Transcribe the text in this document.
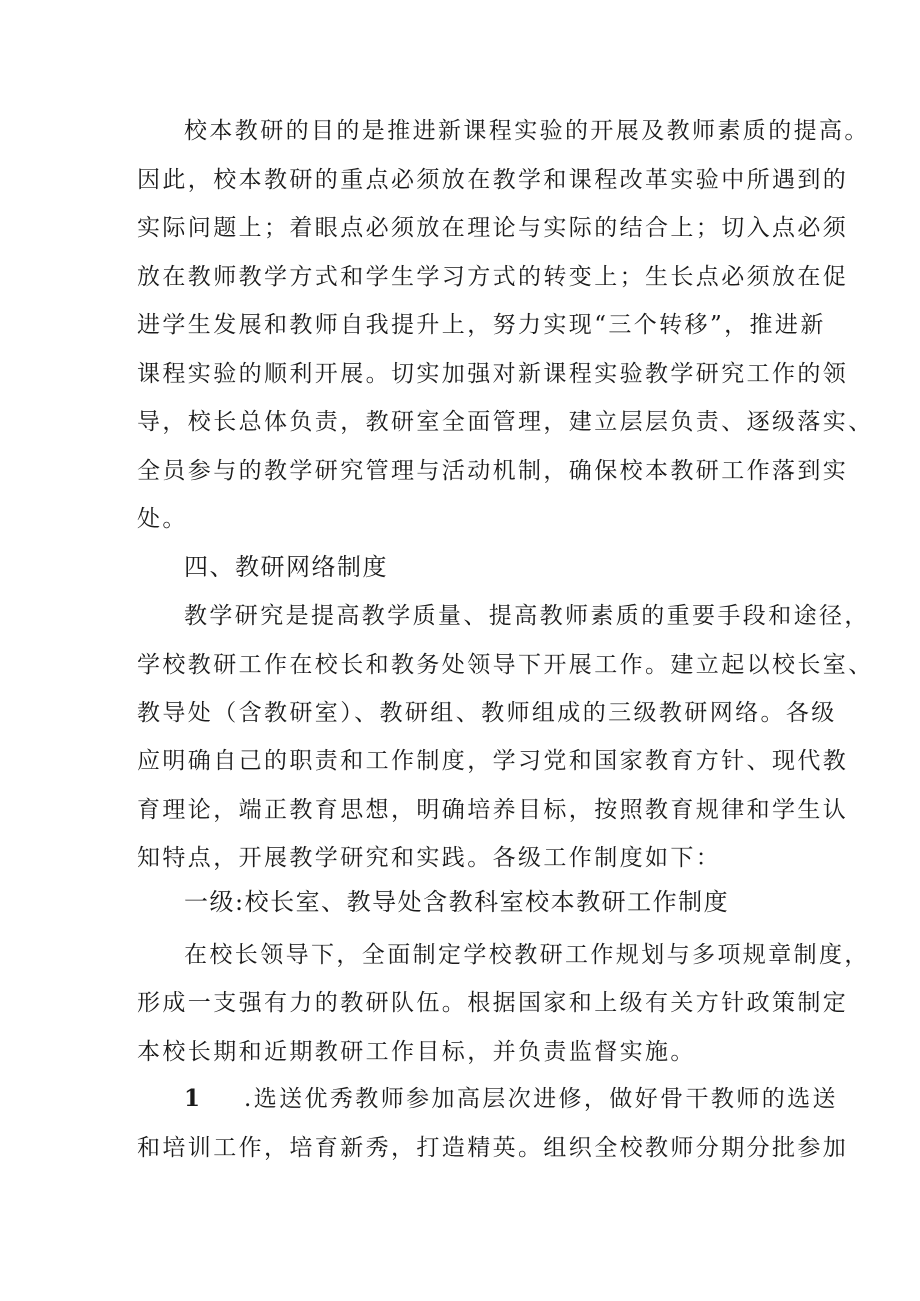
校本教研的目的是推进新课程实验的开展及教师素质的提高。
因此，校本教研的重点必须放在教学和课程改革实验中所遇到的
实际问题上；着眼点必须放在理论与实际的结合上；切入点必须
放在教师教学方式和学生学习方式的转变上；生长点必须放在促
进学生发展和教师自我提升上，努力实现“三个转移”，推进新
课程实验的顺利开展。切实加强对新课程实验教学研究工作的领
导，校长总体负责，教研室全面管理，建立层层负责、逐级落实、
全员参与的教学研究管理与活动机制，确保校本教研工作落到实
处。
四、教研网络制度
教学研究是提高教学质量、提高教师素质的重要手段和途径，
学校教研工作在校长和教务处领导下开展工作。建立起以校长室、
教导处（含教研室）、教研组、教师组成的三级教研网络。各级
应明确自己的职责和工作制度，学习党和国家教育方针、现代教
育理论，端正教育思想，明确培养目标，按照教育规律和学生认
知特点，开展教学研究和实践。各级工作制度如下：
一级:校长室、教导处含教科室校本教研工作制度
在校长领导下，全面制定学校教研工作规划与多项规章制度，
形成一支强有力的教研队伍。根据国家和上级有关方针政策制定
本校长期和近期教研工作目标，并负责监督实施。
1 .选送优秀教师参加高层次进修，做好骨干教师的选送
和培训工作，培育新秀，打造精英。组织全校教师分期分批参加
